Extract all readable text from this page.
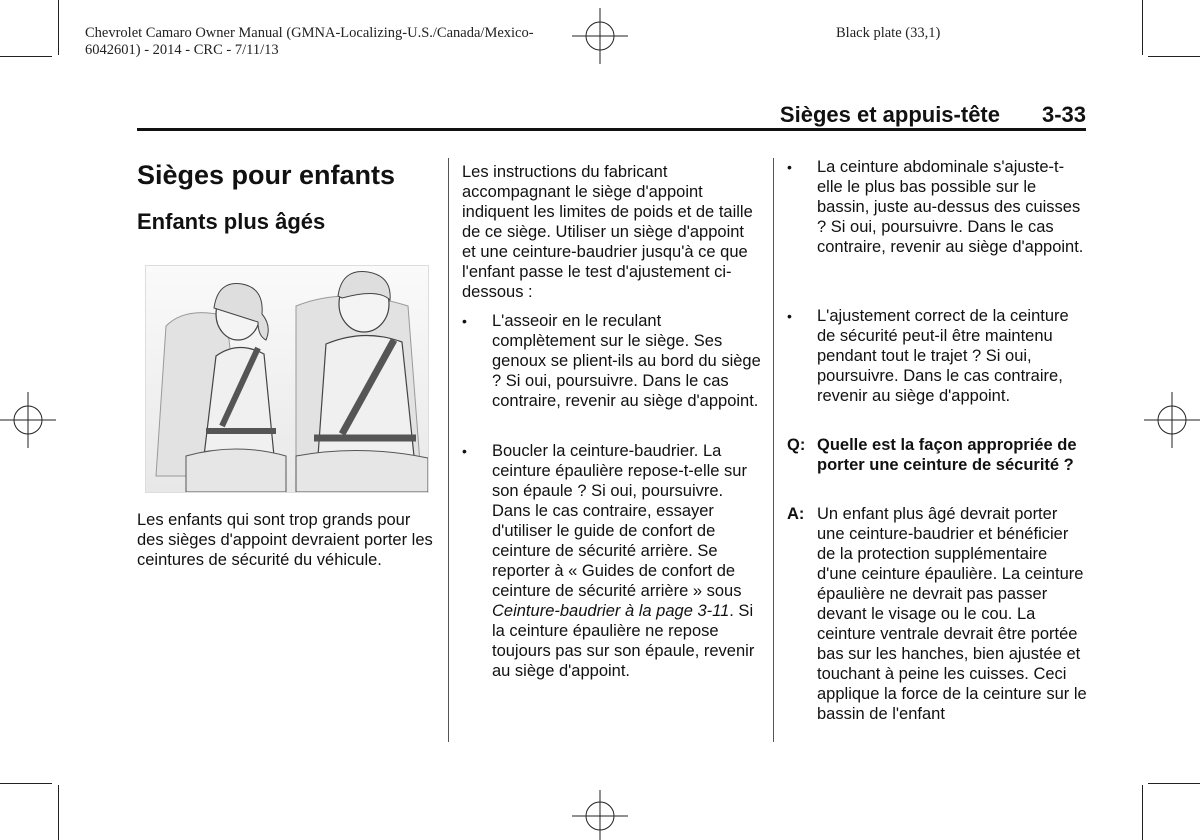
Chevrolet Camaro Owner Manual (GMNA-Localizing-U.S./Canada/Mexico-
6042601) - 2014 - CRC - 7/11/13
Black plate (33,1)
Sièges et appuis-tête 3-33
Sièges pour enfants
Enfants plus âgés
Les enfants qui sont trop grands pour des sièges d'appoint devraient porter les ceintures de sécurité du véhicule.
Les instructions du fabricant accompagnant le siège d'appoint indiquent les limites de poids et de taille de ce siège. Utiliser un siège d'appoint et une ceinture-baudrier jusqu'à ce que l'enfant passe le test d'ajustement ci-dessous :
• L'asseoir en le reculant complètement sur le siège. Ses genoux se plient-ils au bord du siège ? Si oui, poursuivre. Dans le cas contraire, revenir au siège d'appoint.
• Boucler la ceinture-baudrier. La ceinture épaulière repose-t-elle sur son épaule ? Si oui, poursuivre. Dans le cas contraire, essayer d'utiliser le guide de confort de ceinture de sécurité arrière. Se reporter à « Guides de confort de ceinture de sécurité arrière » sous Ceinture-baudrier à la page 3-11. Si la ceinture épaulière ne repose toujours pas sur son épaule, revenir au siège d'appoint.
• La ceinture abdominale s'ajuste-t-elle le plus bas possible sur le bassin, juste au-dessus des cuisses ? Si oui, poursuivre. Dans le cas contraire, revenir au siège d'appoint.
• L'ajustement correct de la ceinture de sécurité peut-il être maintenu pendant tout le trajet ? Si oui, poursuivre. Dans le cas contraire, revenir au siège d'appoint.
Q: Quelle est la façon appropriée de porter une ceinture de sécurité ?
A: Un enfant plus âgé devrait porter une ceinture-baudrier et bénéficier de la protection supplémentaire d'une ceinture épaulière. La ceinture épaulière ne devrait pas passer devant le visage ou le cou. La ceinture ventrale devrait être portée bas sur les hanches, bien ajustée et touchant à peine les cuisses. Ceci applique la force de la ceinture sur le bassin de l'enfant
